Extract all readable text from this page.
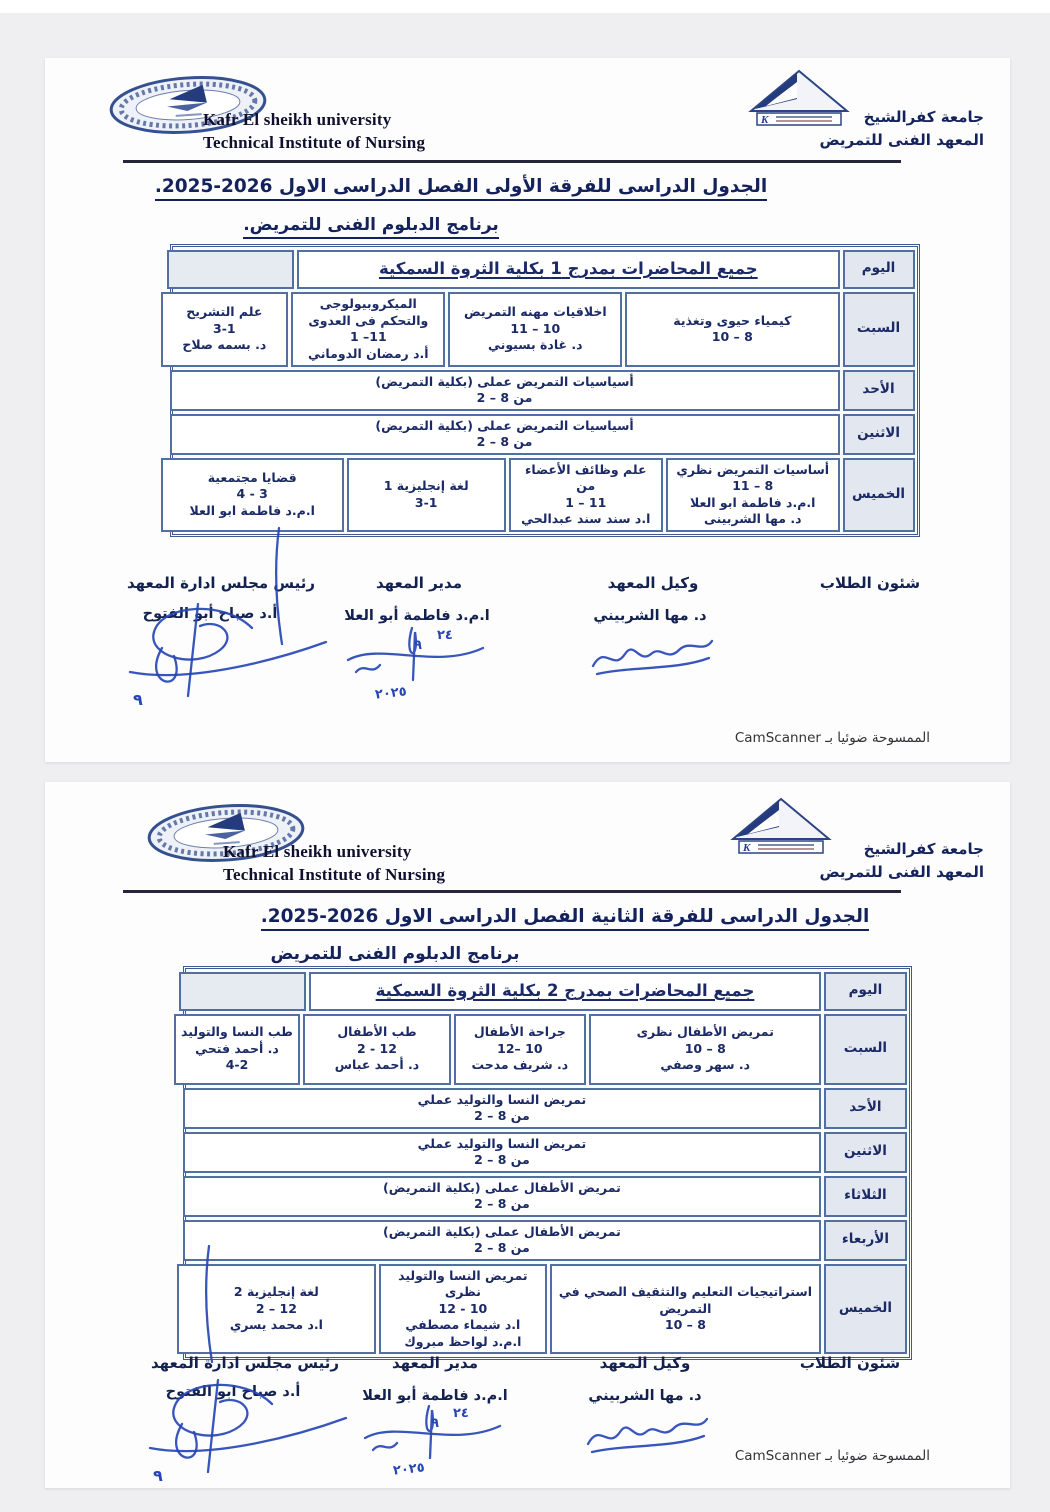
Kafr El sheikh university
Technical Institute of Nursing
K	جامعة كفرالشيخ
المعهد الفنى للتمريض
الجدول الدراسى للفرقة الأولى الفصل الدراسى الاول 2026-2025.
برنامج الدبلوم الفنى للتمريض.
اليوم
جميع المحاضرات بمدرج 1 بكلية الثروة السمكية
السبت
كيمياء حيوى وتغذية
10 – 8
اخلاقيات مهنه التمريض
11 – 10
د. غادة بسيوني
الميكروبيولوجى والتحكم فى العدوى
1 –11
أ.د رمضان الدوماني
علم التشريح
3-1
د. بسمه صلاح
الأحد
أسياسيات التمريض عملى (بكلية التمريض)
من 8 – 2
الاثنين
أسياسيات التمريض عملى (بكلية التمريض)
من 8 – 2
الخميس
أساسيات التمريض نظري
11 – 8
ا.م.د فاطمة ابو العلا
د. مها الشربينى
علم وظائف الأعضاء من
1 – 11
ا.د سند سند عبدالحي
لغة إنجليزية 1
3-1
قضايا مجتمعية
4 - 3
ا.م.د فاطمة ابو العلا
شئون الطلاب
وكيل المعهد
مدير المعهد
رئيس مجلس ادارة المعهد
د. مها الشربيني
ا.م.د فاطمة أبو العلا
أ.د صباح أبو الفتوح
٢٤
٩
٢٠٢٥
٩
الممسوحة ضوئيا بـ CamScanner
Kafr El sheikh university
Technical Institute of Nursing
K	جامعة كفرالشيخ
المعهد الفنى للتمريض
الجدول الدراسى للفرقة الثانية الفصل الدراسى الاول 2026-2025.
برنامج الدبلوم الفنى للتمريض
اليوم
جميع المحاضرات بمدرج 2 بكلية الثروة السمكية
السبت
تمريض الأطفال نظرى
10 – 8
د. سهر وصفي
جراحة الأطفال
12– 10
د. شريف مدحت
طب الأطفال
2 - 12
د. أحمد عباس
طب النسا والتوليد
د. أحمد فتحي
4-2
الأحد
تمريض النسا والتوليد عملي
من 8 – 2
الاثنين
تمريض النسا والتوليد عملي
من 8 – 2
الثلاثاء
تمريض الأطفال عملى (بكلية التمريض)
من 8 – 2
الأربعاء
تمريض الأطفال عملى (بكلية التمريض)
من 8 – 2
الخميس
استراتيجيات التعليم والتثقيف الصحي في التمريض
10 – 8
تمريض النسا والتوليد نظرى
12 - 10
ا.د شيماء مصطفي
ا.م.د لواحظ مبروك
لغة إنجليزية 2
2 – 12
ا.د محمد يسري
شئون الطلاب
وكيل المعهد
مدير المعهد
رئيس مجلس ادارة المعهد
د. مها الشربيني
ا.م.د فاطمة أبو العلا
أ.د صباح ابو الفتوح
٢٤
٩
٢٠٢٥
٩
الممسوحة ضوئيا بـ CamScanner
